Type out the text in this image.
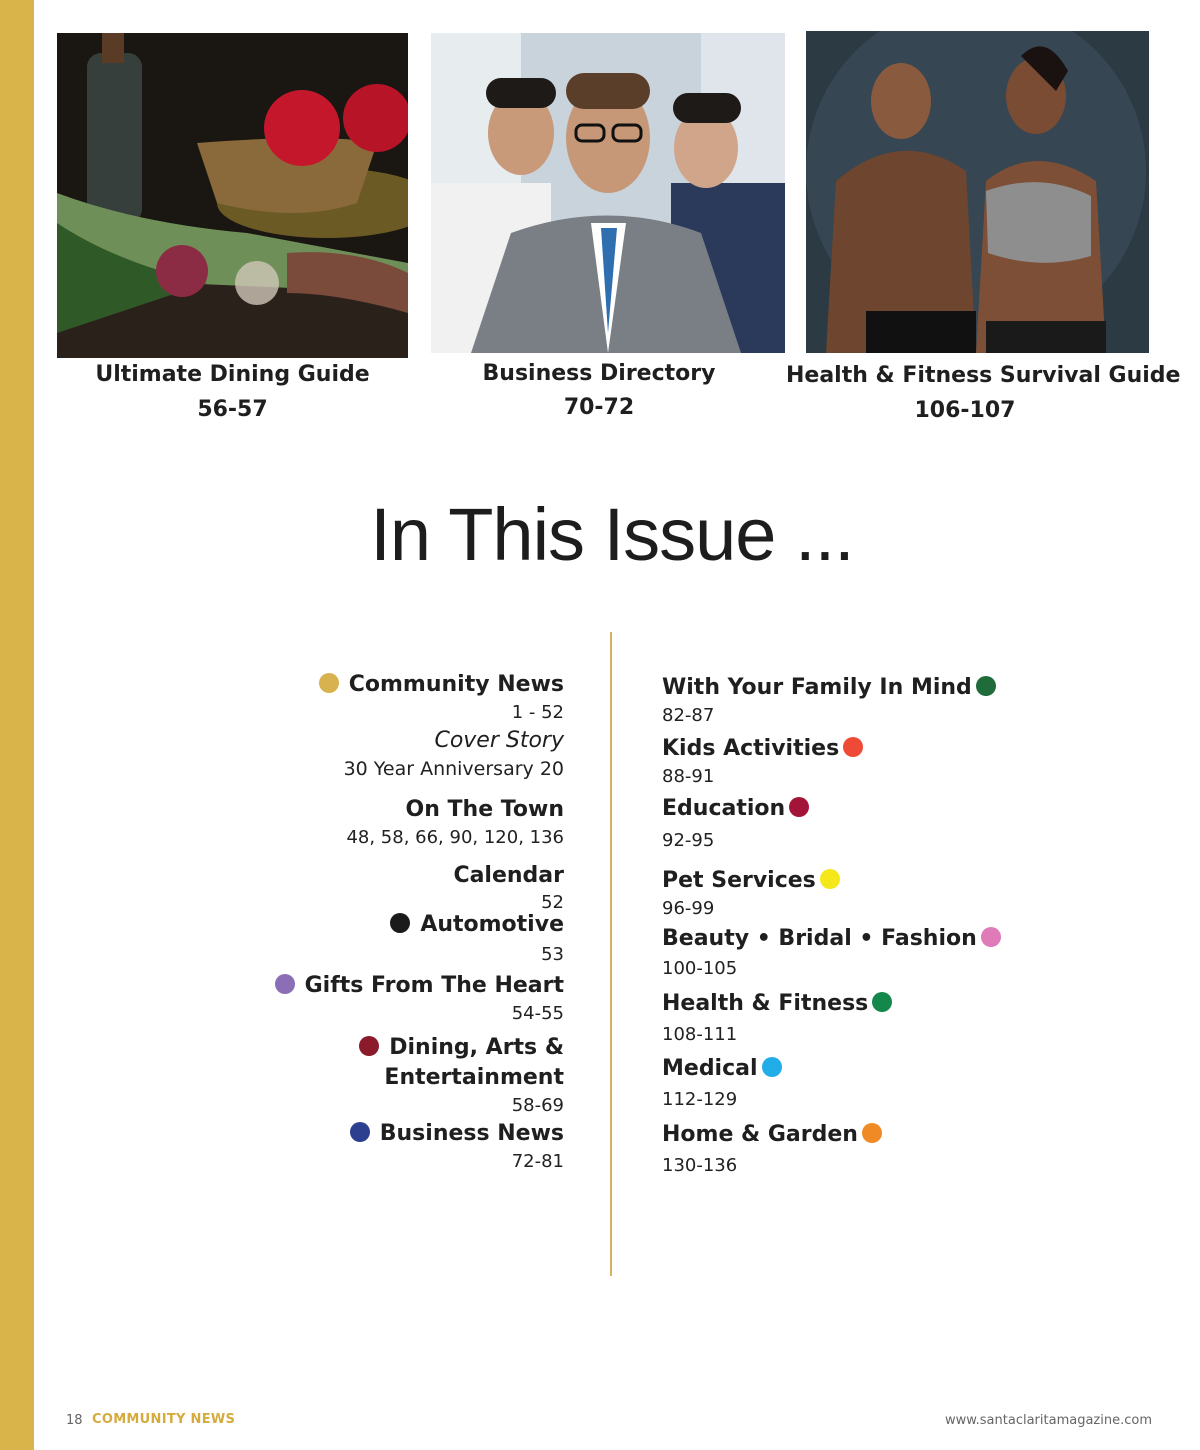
Ultimate Dining Guide
56-57
Business Directory
70-72
Health & Fitness Survival Guide
106-107
In This Issue ...
Community News
1 - 52
Cover Story
30 Year Anniversary 20
On The Town
48, 58, 66, 90, 120, 136
Calendar
52
Automotive
53
Gifts From The Heart
54-55
Dining, Arts &
Entertainment
58-69
Business News
72-81
With Your Family In Mind
82-87
Kids Activities
88-91
Education
92-95
Pet Services
96-99
Beauty • Bridal • Fashion
100-105
Health & Fitness
108-111
Medical
112-129
Home & Garden
130-136
18 COMMUNITY NEWS	www.santaclaritamagazine.com
